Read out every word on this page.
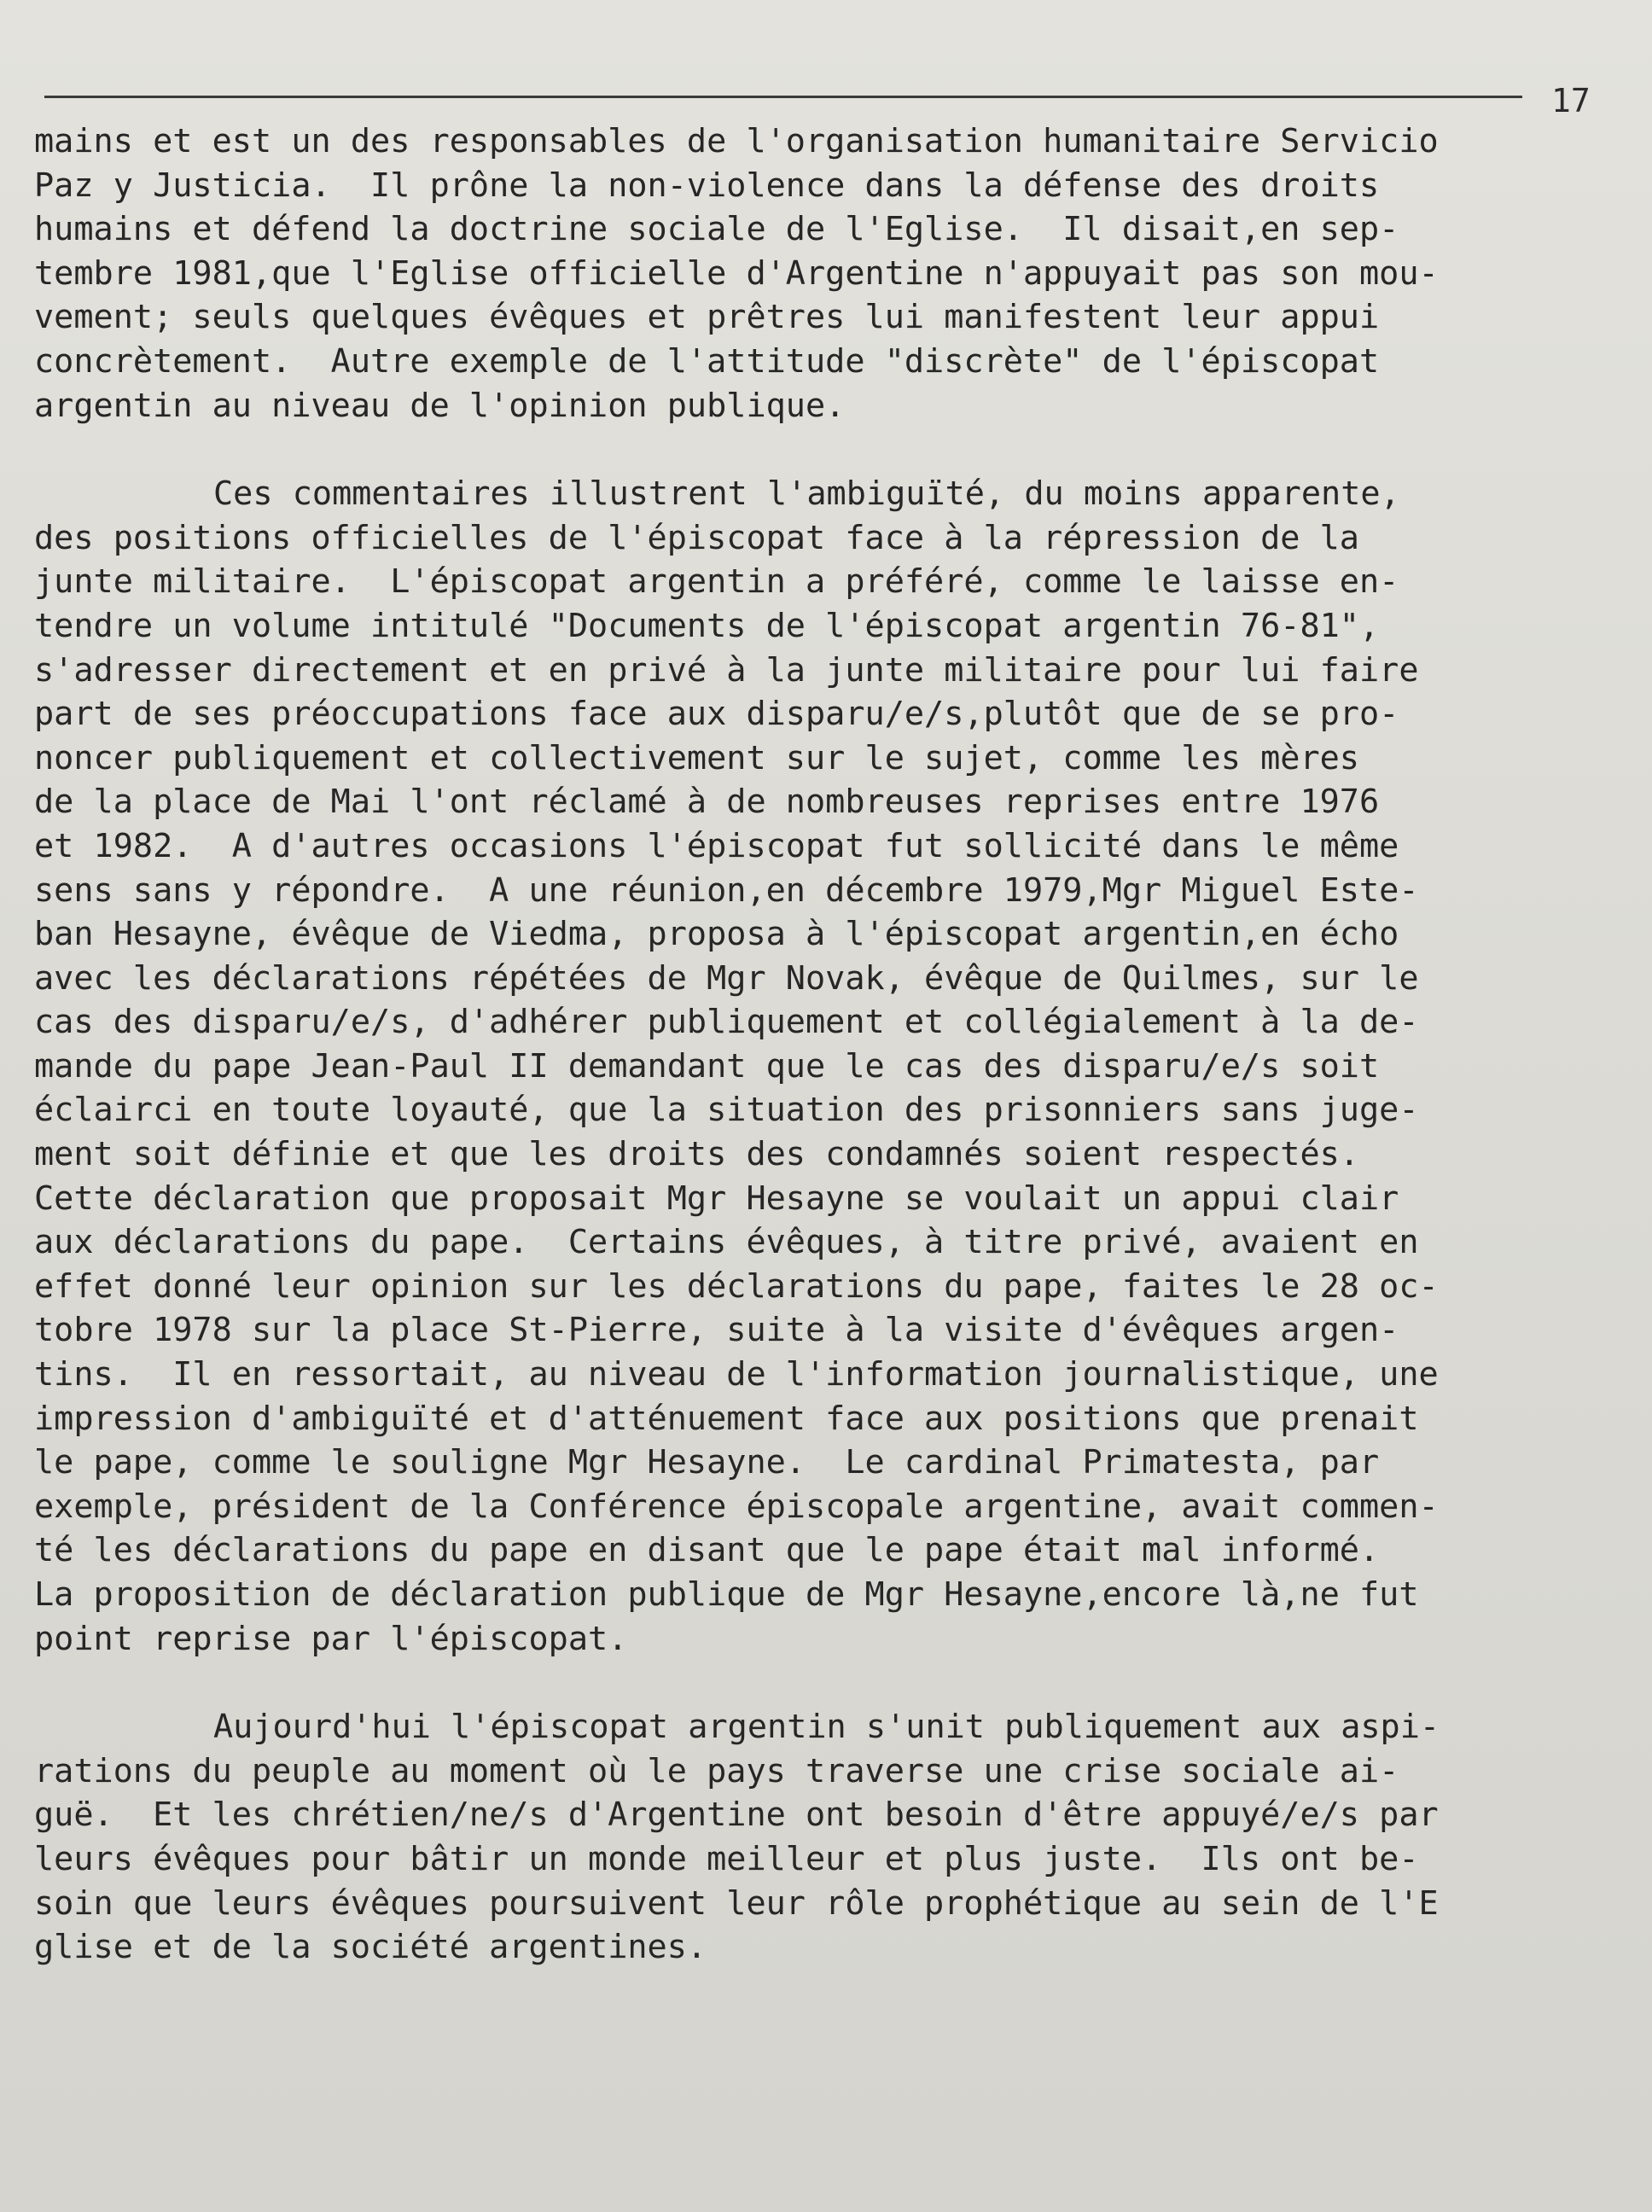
17
mains et est un des responsables de l'organisation humanitaire Servicio
Paz y Justicia.  Il prône la non-violence dans la défense des droits
humains et défend la doctrine sociale de l'Eglise.  Il disait,en sep-
tembre 1981,que l'Eglise officielle d'Argentine n'appuyait pas son mou-
vement; seuls quelques évêques et prêtres lui manifestent leur appui
concrètement.  Autre exemple de l'attitude "discrète" de l'épiscopat
argentin au niveau de l'opinion publique.
Ces commentaires illustrent l'ambiguïté, du moins apparente,
des positions officielles de l'épiscopat face à la répression de la
junte militaire.  L'épiscopat argentin a préféré, comme le laisse en-
tendre un volume intitulé "Documents de l'épiscopat argentin 76-81",
s'adresser directement et en privé à la junte militaire pour lui faire
part de ses préoccupations face aux disparu/e/s,plutôt que de se pro-
noncer publiquement et collectivement sur le sujet, comme les mères
de la place de Mai l'ont réclamé à de nombreuses reprises entre 1976
et 1982.  A d'autres occasions l'épiscopat fut sollicité dans le même
sens sans y répondre.  A une réunion,en décembre 1979,Mgr Miguel Este-
ban Hesayne, évêque de Viedma, proposa à l'épiscopat argentin,en écho
avec les déclarations répétées de Mgr Novak, évêque de Quilmes, sur le
cas des disparu/e/s, d'adhérer publiquement et collégialement à la de-
mande du pape Jean-Paul II demandant que le cas des disparu/e/s soit
éclairci en toute loyauté, que la situation des prisonniers sans juge-
ment soit définie et que les droits des condamnés soient respectés.
Cette déclaration que proposait Mgr Hesayne se voulait un appui clair
aux déclarations du pape.  Certains évêques, à titre privé, avaient en
effet donné leur opinion sur les déclarations du pape, faites le 28 oc-
tobre 1978 sur la place St-Pierre, suite à la visite d'évêques argen-
tins.  Il en ressortait, au niveau de l'information journalistique, une
impression d'ambiguïté et d'atténuement face aux positions que prenait
le pape, comme le souligne Mgr Hesayne.  Le cardinal Primatesta, par
exemple, président de la Conférence épiscopale argentine, avait commen-
té les déclarations du pape en disant que le pape était mal informé.
La proposition de déclaration publique de Mgr Hesayne,encore là,ne fut
point reprise par l'épiscopat.
Aujourd'hui l'épiscopat argentin s'unit publiquement aux aspi-
rations du peuple au moment où le pays traverse une crise sociale ai-
guë.  Et les chrétien/ne/s d'Argentine ont besoin d'être appuyé/e/s par
leurs évêques pour bâtir un monde meilleur et plus juste.  Ils ont be-
soin que leurs évêques poursuivent leur rôle prophétique au sein de l'E
glise et de la société argentines.
